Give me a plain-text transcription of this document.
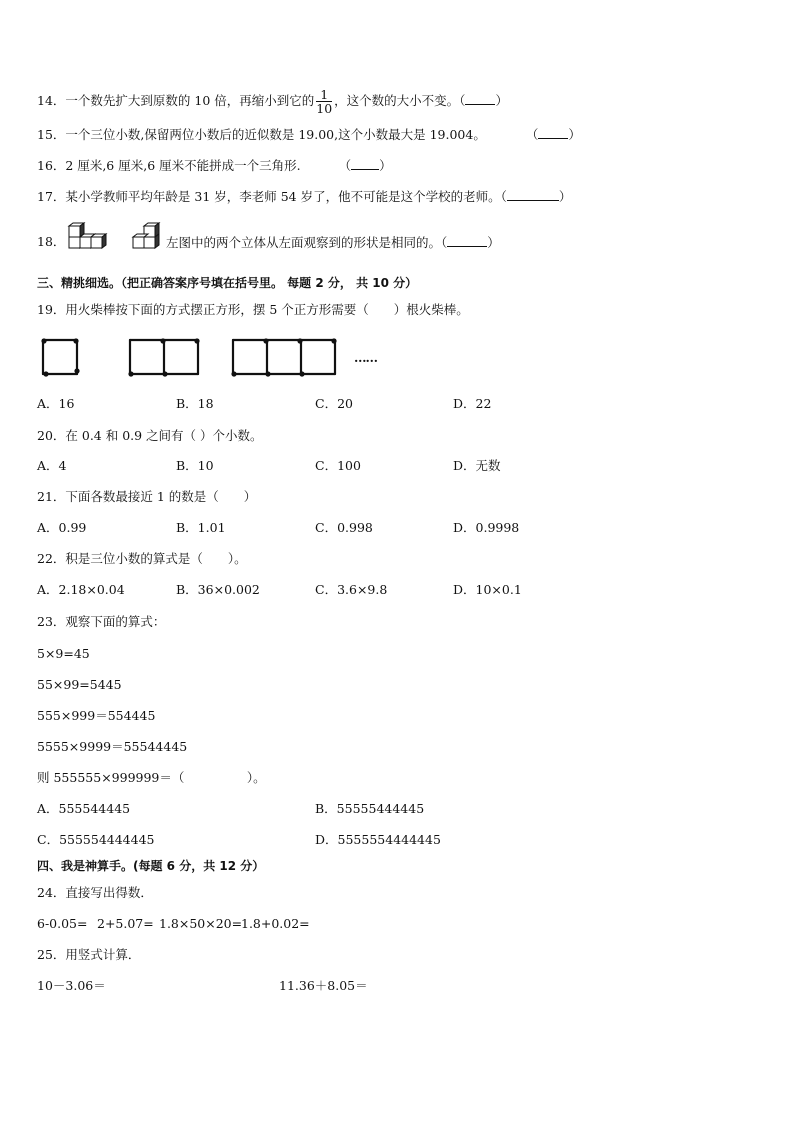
14．一个数先扩大到原数的 10 倍，再缩小到它的 $\frac{1}{10}$ ，这个数的大小不变。（ ）
15．一个三位小数,保留两位小数后的近似数是 19.00,这个小数最大是 19.004。	（ ）
16．2 厘米,6 厘米,6 厘米不能拼成一个三角形.	（ ）
17．某小学教师平均年龄是 31 岁，李老师 54 岁了，他不可能是这个学校的老师。（	）
18．	左图中的两个立体从左面观察到的形状是相同的。（	）
三、精挑细选。（把正确答案序号填在括号里。 每题 2 分， 共 10 分）
19．用火柴棒按下面的方式摆正方形，摆 5 个正方形需要（　　）根火柴棒。
……
A．16	B．18	C．20	D．22
20．在 0.4 和 0.9 之间有（ ）个小数。
A．4	B．10	C．100	D．无数
21．下面各数最接近 1 的数是（　　）
A．0.99	B．1.01	C．0.998	D．0.9998
22．积是三位小数的算式是（　　）。
A．2.18×0.04	B．36×0.002	C．3.6×9.8	D．10×0.1
23．观察下面的算式：
5×9=45
55×99=5445
555×999＝554445
5555×9999＝55544445
则 555555×999999＝（　　　　　）。
A．555544445	B．55555444445
C．555554444445	D．5555554444445
四、我是神算手。(每题 6 分，共 12 分）
24．直接写出得数．
6-0.05= 2+5.07= 1.8×50×20=
1.8+0.02=
25．用竖式计算．
10－3.06＝	11.36＋8.05＝
